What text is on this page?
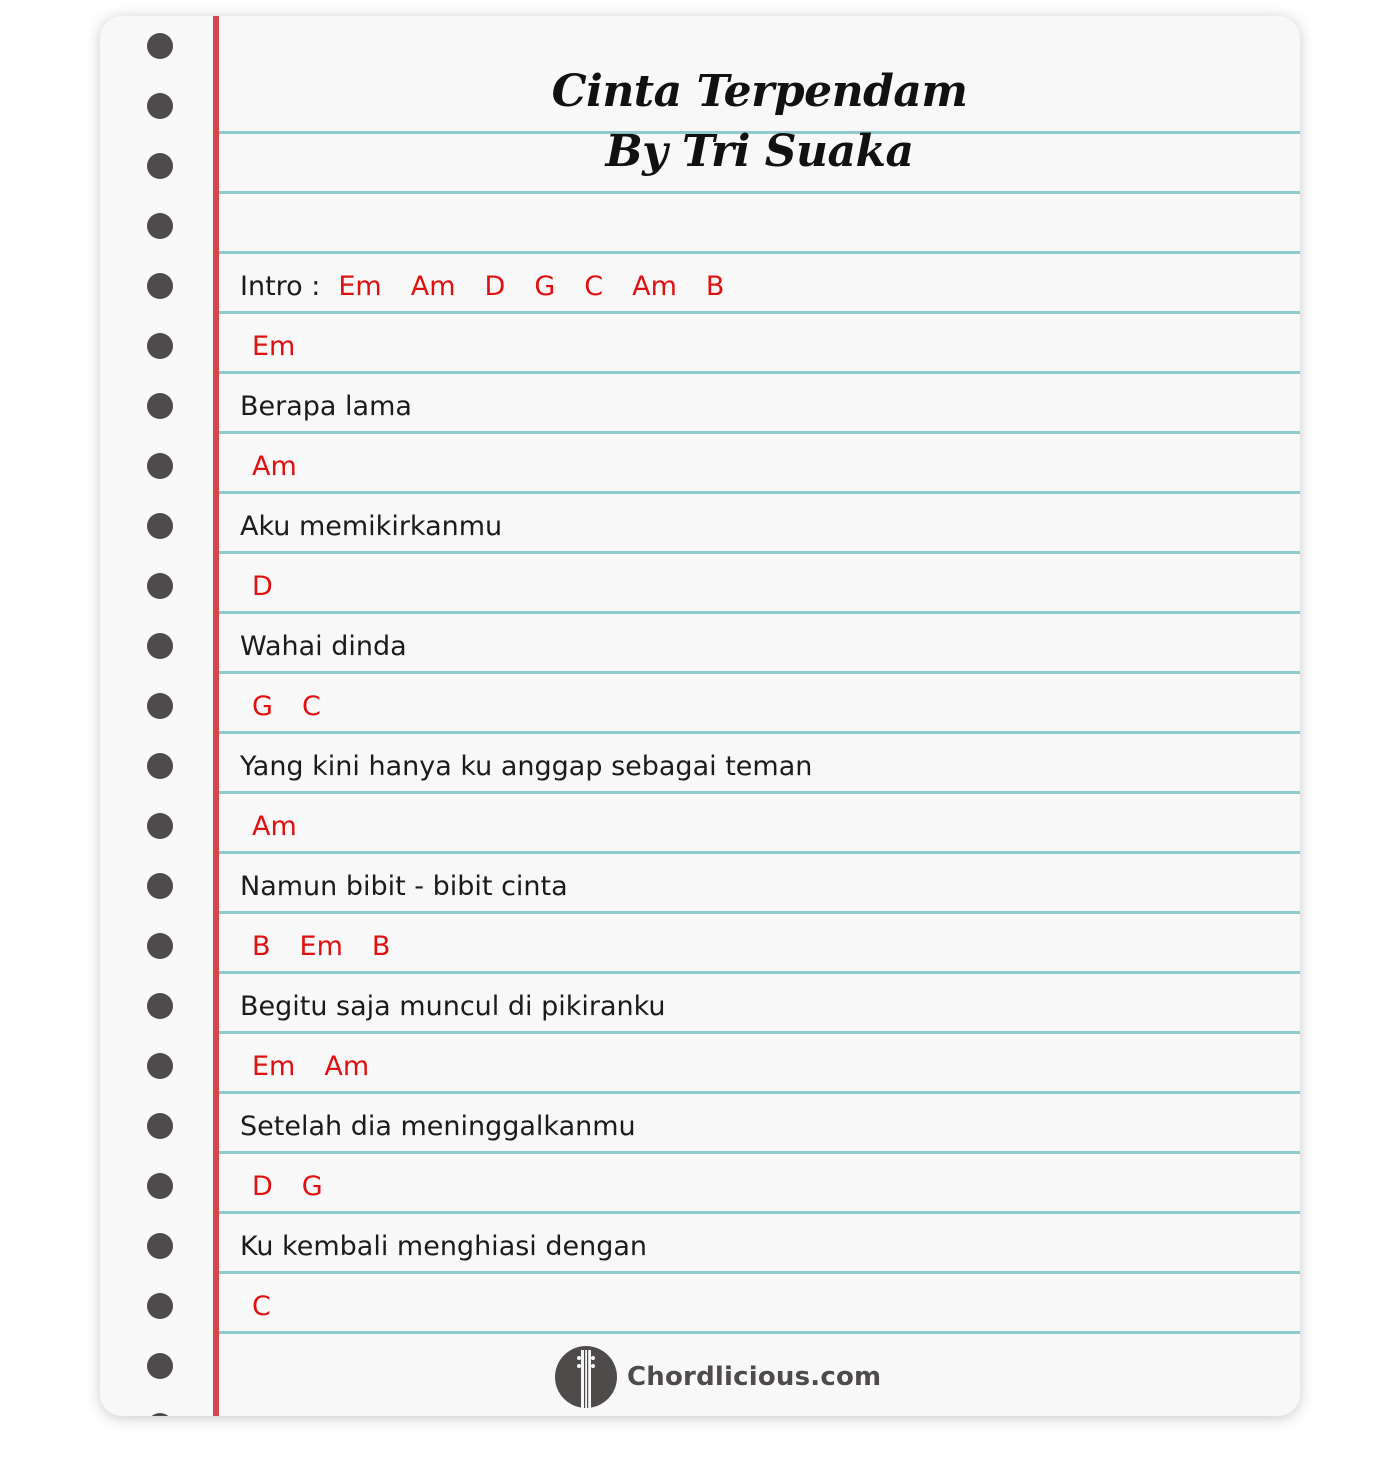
Cinta Terpendam
By Tri Suaka
Intro : Em Am D G C Am B
Em
Berapa lama
Am
Aku memikirkanmu
D
Wahai dinda
G C
Yang kini hanya ku anggap sebagai teman
Am
Namun bibit - bibit cinta
B Em B
Begitu saja muncul di pikiranku
Em Am
Setelah dia meninggalkanmu
D G
Ku kembali menghiasi dengan
C
Chordlicious.com
